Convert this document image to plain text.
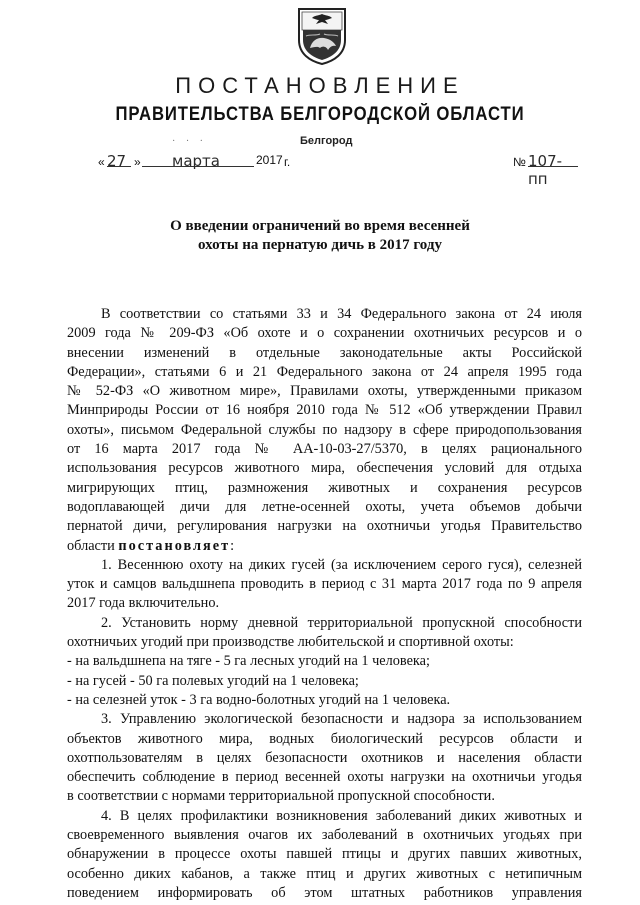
ПОСТАНОВЛЕНИЕ
ПРАВИТЕЛЬСТВА БЕЛГОРОДСКОЙ ОБЛАСТИ
· · ·	Белгород
« 27 » марта	2017 г.	№ 107-пп
О введении ограничений во время весенней
охоты на пернатую дичь в 2017 году
В соответствии со статьями 33 и 34 Федерального закона от 24 июля
2009 года № 209-ФЗ «Об охоте и о сохранении охотничьих ресурсов и о
внесении изменений в отдельные законодательные акты Российской
Федерации», статьями 6 и 21 Федерального закона от 24 апреля 1995 года
№ 52-ФЗ «О животном мире», Правилами охоты, утвержденными приказом
Минприроды России от 16 ноября 2010 года № 512 «Об утверждении Правил
охоты», письмом Федеральной службы по надзору в сфере природопользования
от 16 марта 2017 года № АА-10-03-27/5370, в целях рационального
использования ресурсов животного мира, обеспечения условий для отдыха
мигрирующих птиц, размножения животных и сохранения ресурсов
водоплавающей дичи для летне-осенней охоты, учета объемов добычи
пернатой дичи, регулирования нагрузки на охотничьи угодья Правительство
области постановляет:
1. Весеннюю охоту на диких гусей (за исключением серого гуся), селезней
уток и самцов вальдшнепа проводить в период с 31 марта 2017 года по 9 апреля
2017 года включительно.
2. Установить норму дневной территориальной пропускной способности
охотничьих угодий при производстве любительской и спортивной охоты:
- на вальдшнепа на тяге - 5 га лесных угодий на 1 человека;
- на гусей - 50 га полевых угодий на 1 человека;
- на селезней уток - 3 га водно-болотных угодий на 1 человека.
3. Управлению экологической безопасности и надзора за использованием
объектов животного мира, водных биологический ресурсов области и
охотпользователям в целях безопасности охотников и населения области
обеспечить соблюдение в период весенней охоты нагрузки на охотничьи угодья
в соответствии с нормами территориальной пропускной способности.
4. В целях профилактики возникновения заболеваний диких животных и
своевременного выявления очагов их заболеваний в охотничьих угодьях при
обнаружении в процессе охоты павшей птицы и других павших животных,
особенно диких кабанов, а также птиц и других животных с нетипичным
поведением информировать об этом штатных работников управления
